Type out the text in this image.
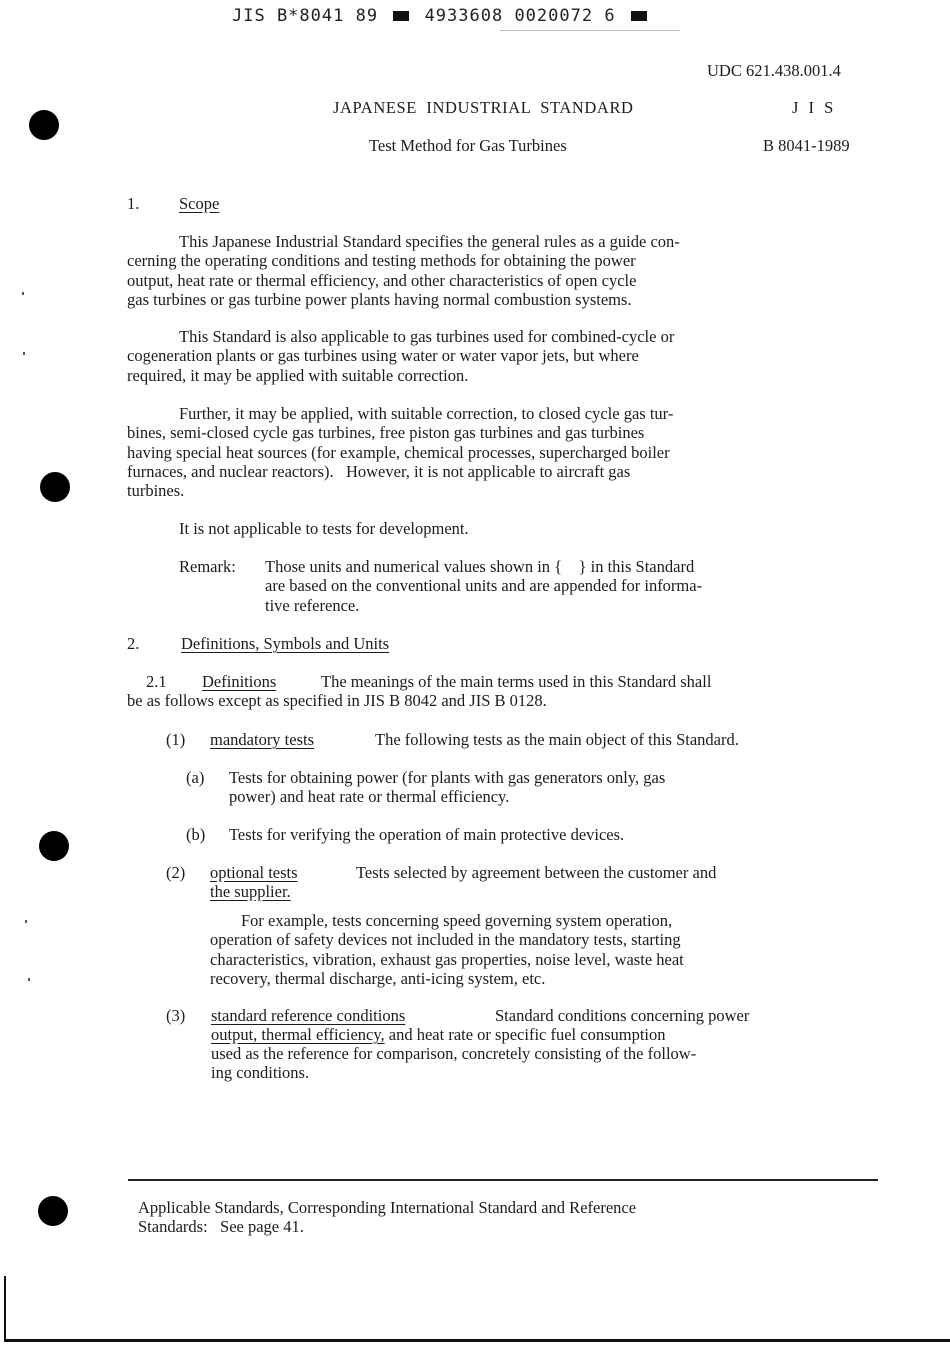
JIS B*8041 89	4933608 0020072 6
UDC 621.438.001.4
JAPANESE  INDUSTRIAL  STANDARD	J I S
Test Method for Gas Turbines	B 8041-1989
1. Scope
This Japanese Industrial Standard specifies the general rules as a guide con-
cerning the operating conditions and testing methods for obtaining the power
output, heat rate or thermal efficiency, and other characteristics of open cycle
gas turbines or gas turbine power plants having normal combustion systems.
This Standard is also applicable to gas turbines used for combined-cycle or
cogeneration plants or gas turbines using water or water vapor jets, but where
required, it may be applied with suitable correction.
Further, it may be applied, with suitable correction, to closed cycle gas tur-
bines, semi-closed cycle gas turbines, free piston gas turbines and gas turbines
having special heat sources (for example, chemical processes, supercharged boiler
furnaces, and nuclear reactors).   However, it is not applicable to aircraft gas
turbines.
It is not applicable to tests for development.
Remark: Those units and numerical values shown in {    } in this Standard
are based on the conventional units and are appended for informa-
tive reference.
2.	Definitions, Symbols and Units
2.1 Definitions	The meanings of the main terms used in this Standard shall
be as follows except as specified in JIS B 8042 and JIS B 0128.
(1) mandatory tests	The following tests as the main object of this Standard.
(a) Tests for obtaining power (for plants with gas generators only, gas
power) and heat rate or thermal efficiency.
(b) Tests for verifying the operation of main protective devices.
(2) optional tests	Tests selected by agreement between the customer and
the supplier.
For example, tests concerning speed governing system operation,
operation of safety devices not included in the mandatory tests, starting
characteristics, vibration, exhaust gas properties, noise level, waste heat
recovery, thermal discharge, anti-icing system, etc.
(3) standard reference conditions	Standard conditions concerning power
output, thermal efficiency, and heat rate or specific fuel consumption
used as the reference for comparison, concretely consisting of the follow-
ing conditions.
Applicable Standards, Corresponding International Standard and Reference
Standards:   See page 41.
